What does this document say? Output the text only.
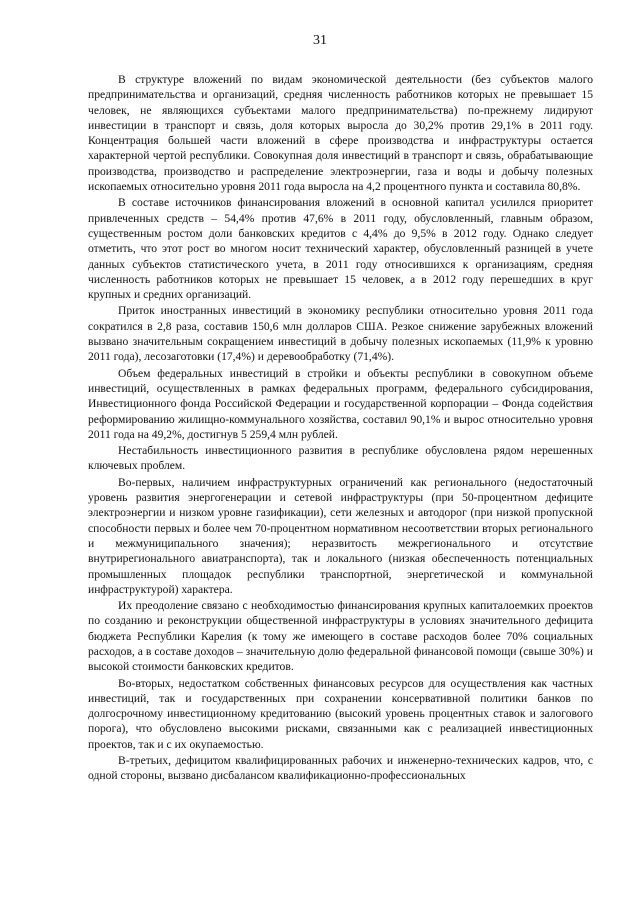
31

В структуре вложений по видам экономической деятельности (без субъектов малого предпринимательства и организаций, средняя численность работников которых не превышает 15 человек, не являющихся субъектами малого предпринимательства) по-прежнему лидируют инвестиции в транспорт и связь, доля которых выросла до 30,2% против 29,1% в 2011 году. Концентрация большей части вложений в сфере производства и инфраструктуры остается характерной чертой республики. Совокупная доля инвестиций в транспорт и связь, обрабатывающие производства, производство и распределение электроэнергии, газа и воды и добычу полезных ископаемых относительно уровня 2011 года выросла на 4,2 процентного пункта и составила 80,8%.

В составе источников финансирования вложений в основной капитал усилился приоритет привлеченных средств – 54,4% против 47,6% в 2011 году, обусловленный, главным образом, существенным ростом доли банковских кредитов с 4,4% до 9,5% в 2012 году. Однако следует отметить, что этот рост во многом носит технический характер, обусловленный разницей в учете данных субъектов статистического учета, в 2011 году относившихся к организациям, средняя численность работников которых не превышает 15 человек, а в 2012 году перешедших в круг крупных и средних организаций.

Приток иностранных инвестиций в экономику республики относительно уровня 2011 года сократился в 2,8 раза, составив 150,6 млн долларов США. Резкое снижение зарубежных вложений вызвано значительным сокращением инвестиций в добычу полезных ископаемых (11,9% к уровню 2011 года), лесозаготовки (17,4%) и деревообработку (71,4%).

Объем федеральных инвестиций в стройки и объекты республики в совокупном объеме инвестиций, осуществленных в рамках федеральных программ, федерального субсидирования, Инвестиционного фонда Российской Федерации и государственной корпорации – Фонда содействия реформированию жилищно-коммунального хозяйства, составил 90,1% и вырос относительно уровня 2011 года на 49,2%, достигнув 5 259,4 млн рублей.

Нестабильность инвестиционного развития в республике обусловлена рядом нерешенных ключевых проблем.

Во-первых, наличием инфраструктурных ограничений как регионального (недостаточный уровень развития энергогенерации и сетевой инфраструктуры (при 50-процентном дефиците электроэнергии и низком уровне газификации), сети железных и автодорог (при низкой пропускной способности первых и более чем 70-процентном нормативном несоответствии вторых регионального и межмуниципального значения); неразвитость межрегионального и отсутствие внутрирегионального авиатранспорта), так и локального (низкая обеспеченность потенциальных промышленных площадок республики транспортной, энергетической и коммунальной инфраструктурой) характера.

Их преодоление связано с необходимостью финансирования крупных капиталоемких проектов по созданию и реконструкции общественной инфраструктуры в условиях значительного дефицита бюджета Республики Карелия (к тому же имеющего в составе расходов более 70% социальных расходов, а в составе доходов – значительную долю федеральной финансовой помощи (свыше 30%) и высокой стоимости банковских кредитов.

Во-вторых, недостатком собственных финансовых ресурсов для осуществления как частных инвестиций, так и государственных при сохранении консервативной политики банков по долгосрочному инвестиционному кредитованию (высокий уровень процентных ставок и залогового порога), что обусловлено высокими рисками, связанными как с реализацией инвестиционных проектов, так и с их окупаемостью.

В-третьих, дефицитом квалифицированных рабочих и инженерно-технических кадров, что, с одной стороны, вызвано дисбалансом квалификационно-профессиональных
